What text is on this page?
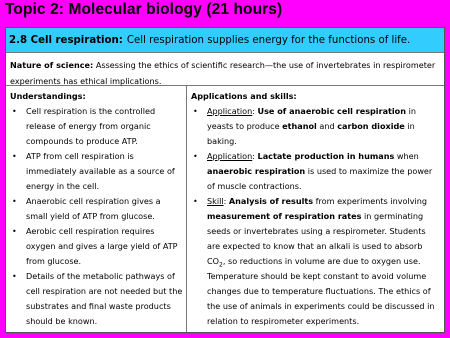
Topic 2: Molecular biology (21 hours)
2.8 Cell respiration: Cell respiration supplies energy for the functions of life.
Nature of science: Assessing the ethics of scientific research—the use of invertebrates in respirometer experiments has ethical implications.
Understandings:
• Cell respiration is the controlled release of energy from organic compounds to produce ATP.
• ATP from cell respiration is immediately available as a source of energy in the cell.
• Anaerobic cell respiration gives a small yield of ATP from glucose.
• Aerobic cell respiration requires oxygen and gives a large yield of ATP from glucose.
• Details of the metabolic pathways of cell respiration are not needed but the substrates and final waste products should be known.
Applications and skills:
• Application: Use of anaerobic cell respiration in yeasts to produce ethanol and carbon dioxide in baking.
• Application: Lactate production in humans when anaerobic respiration is used to maximize the power of muscle contractions.
• Skill: Analysis of results from experiments involving measurement of respiration rates in germinating seeds or invertebrates using a respirometer. Students are expected to know that an alkali is used to absorb $CO_2$, so reductions in volume are due to oxygen use. Temperature should be kept constant to avoid volume changes due to temperature fluctuations. The ethics of the use of animals in experiments could be discussed in relation to respirometer experiments.
